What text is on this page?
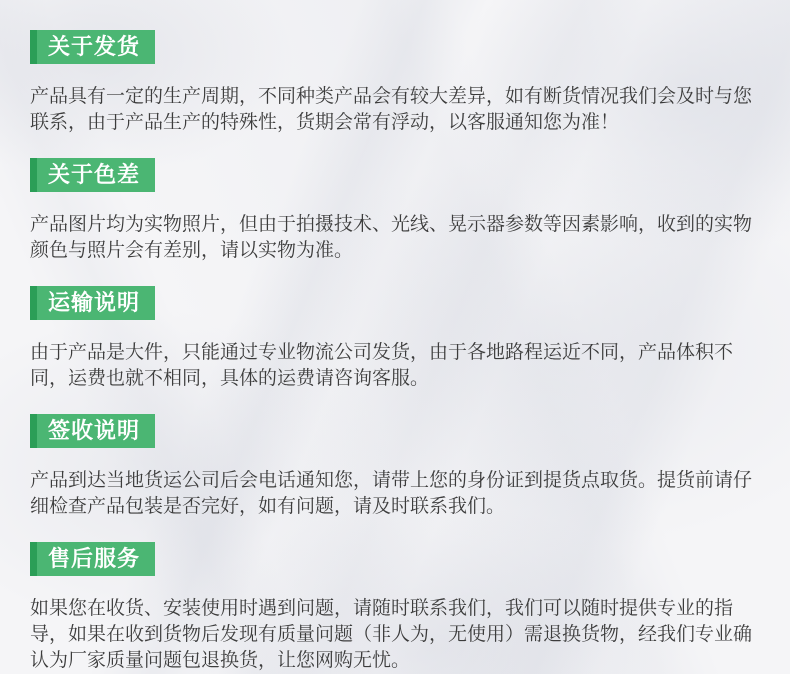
关于发货

产品具有一定的生产周期，不同种类产品会有较大差异，如有断货情况我们会及时与您联系，由于产品生产的特殊性，货期会常有浮动，以客服通知您为准！

关于色差

产品图片均为实物照片，但由于拍摄技术、光线、晃示器参数等因素影响，收到的实物颜色与照片会有差别，请以实物为准。

运输说明

由于产品是大件，只能通过专业物流公司发货，由于各地路程运近不同，产品体积不同，运费也就不相同，具体的运费请咨询客服。

签收说明

产品到达当地货运公司后会电话通知您，请带上您的身份证到提货点取货。提货前请仔细检查产品包装是否完好，如有问题，请及时联系我们。

售后服务

如果您在收货、安装使用时遇到问题，请随时联系我们，我们可以随时提供专业的指导，如果在收到货物后发现有质量问题（非人为，无使用）需退换货物，经我们专业确认为厂家质量问题包退换货，让您网购无忧。
